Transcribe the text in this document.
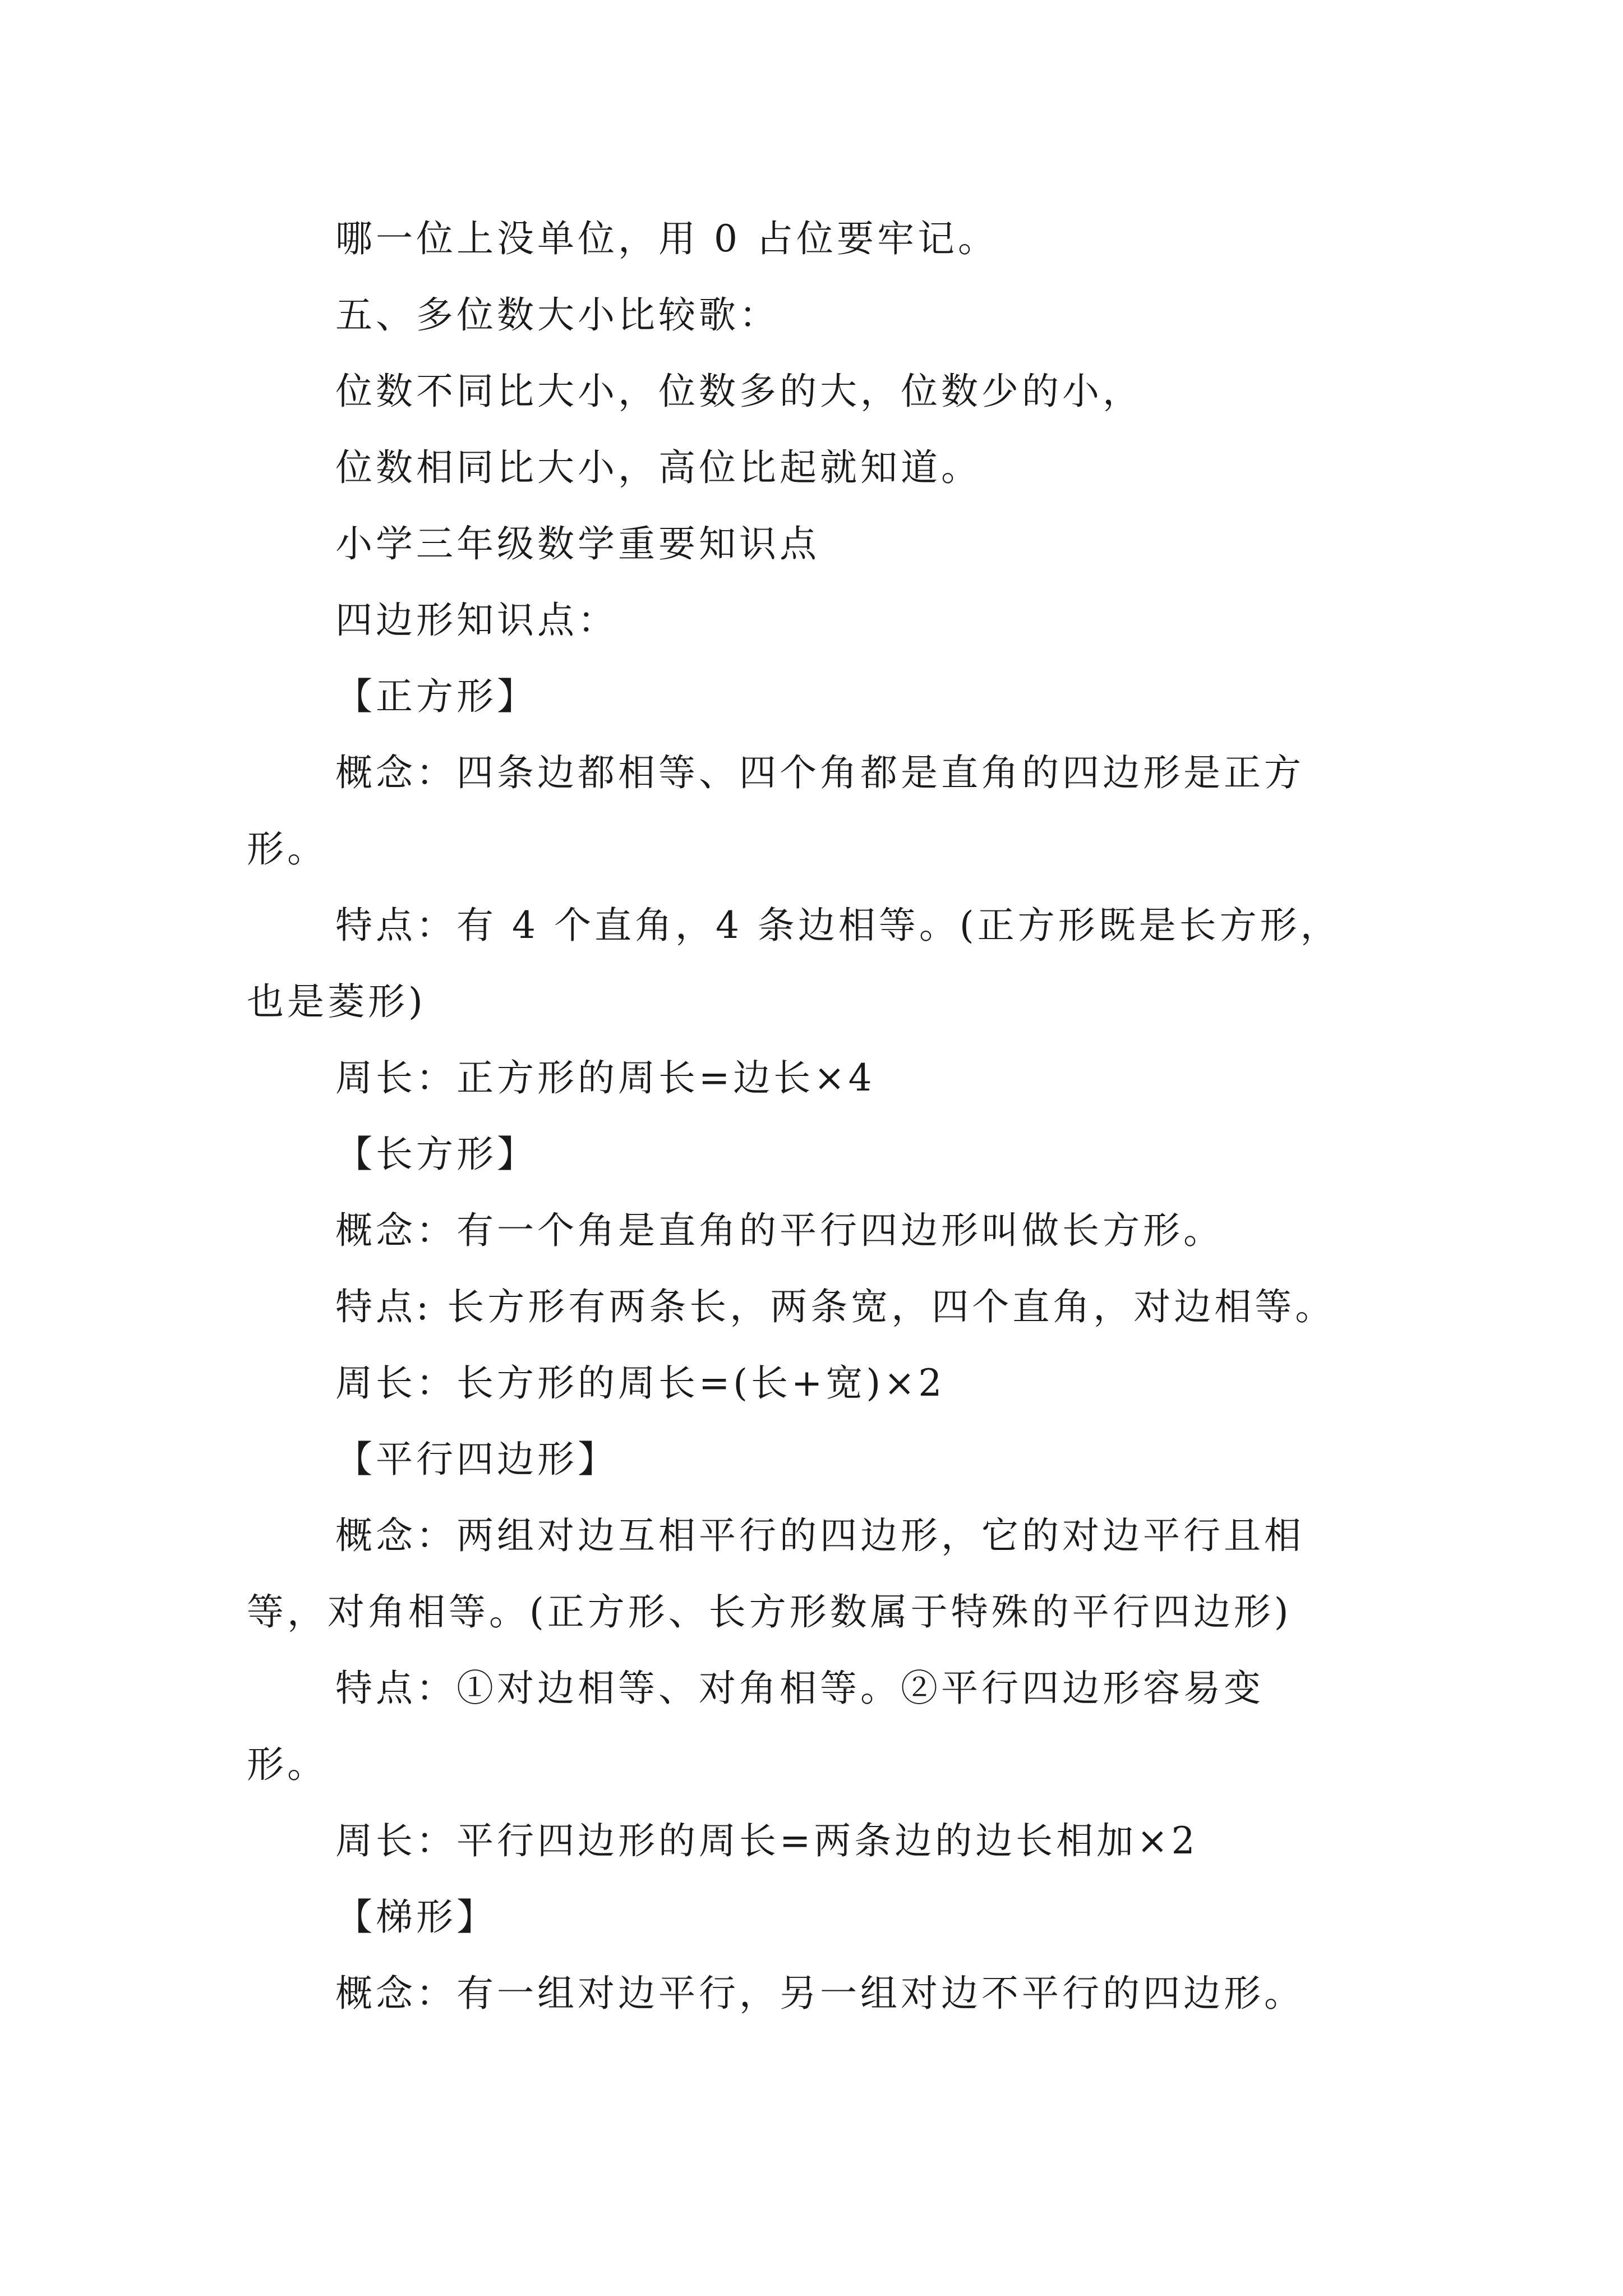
哪一位上没单位，用 0 占位要牢记。
五、多位数大小比较歌：
位数不同比大小，位数多的大，位数少的小，
位数相同比大小，高位比起就知道。
小学三年级数学重要知识点
四边形知识点：
【正方形】
概念：四条边都相等、四个角都是直角的四边形是正方
形。
特点：有 4 个直角，4 条边相等。(正方形既是长方形，
也是菱形)
周长：正方形的周长=边长×4
【长方形】
概念：有一个角是直角的平行四边形叫做长方形。
特点: 长方形有两条长，两条宽，四个直角，对边相等。
周长：长方形的周长=(长+宽)×2
【平行四边形】
概念：两组对边互相平行的四边形，它的对边平行且相
等，对角相等。(正方形、长方形数属于特殊的平行四边形)
特点：①对边相等、对角相等。②平行四边形容易变
形。
周长：平行四边形的周长=两条边的边长相加×2
【梯形】
概念：有一组对边平行，另一组对边不平行的四边形。
